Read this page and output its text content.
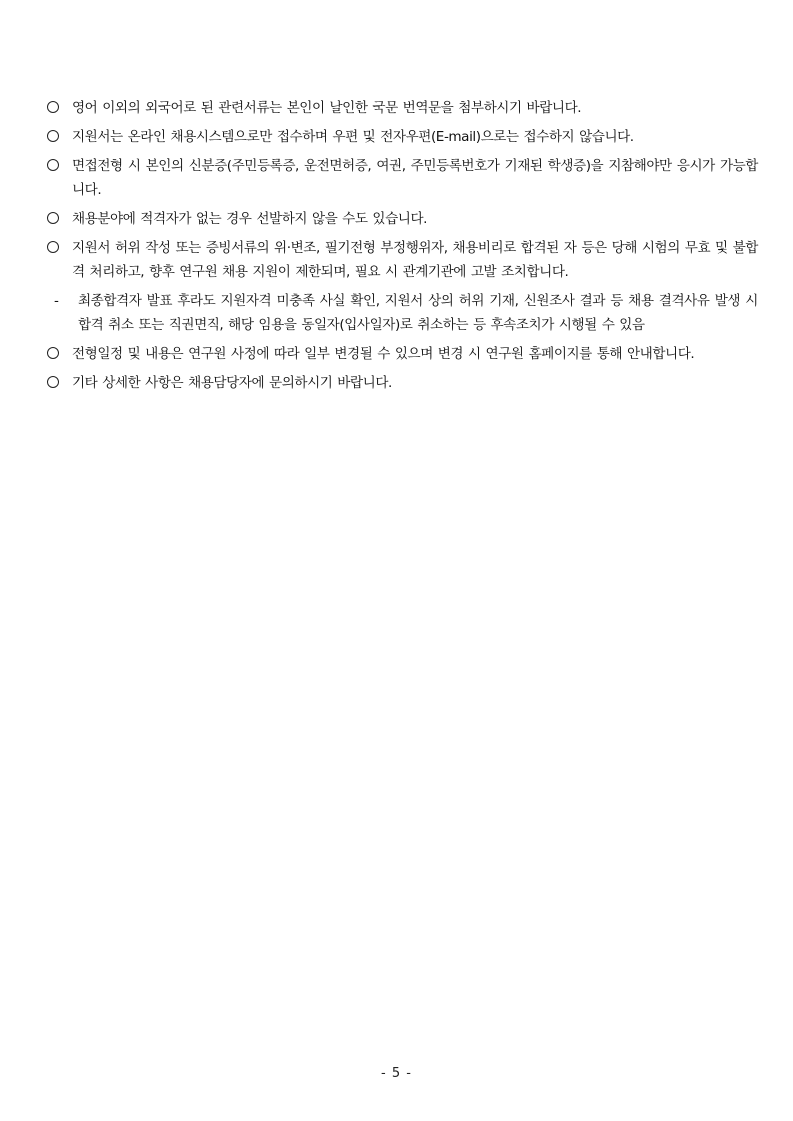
영어 이외의 외국어로 된 관련서류는 본인이 날인한 국문 번역문을 첨부하시기 바랍니다.
지원서는 온라인 채용시스템으로만 접수하며 우편 및 전자우편(E-mail)으로는 접수하지 않습니다.
면접전형 시 본인의 신분증(주민등록증, 운전면허증, 여권, 주민등록번호가 기재된 학생증)을 지참해야만 응시가 가능합니다.
채용분야에 적격자가 없는 경우 선발하지 않을 수도 있습니다.
지원서 허위 작성 또는 증빙서류의 위·변조, 필기전형 부정행위자, 채용비리로 합격된 자 등은 당해 시험의 무효 및 불합격 처리하고, 향후 연구원 채용 지원이 제한되며, 필요 시 관계기관에 고발 조치합니다.
- 최종합격자 발표 후라도 지원자격 미충족 사실 확인, 지원서 상의 허위 기재, 신원조사 결과 등 채용 결격사유 발생 시 합격 취소 또는 직권면직, 해당 임용을 동일자(입사일자)로 취소하는 등 후속조치가 시행될 수 있음
전형일정 및 내용은 연구원 사정에 따라 일부 변경될 수 있으며 변경 시 연구원 홈페이지를 통해 안내합니다.
기타 상세한 사항은 채용담당자에 문의하시기 바랍니다.
- 5 -
